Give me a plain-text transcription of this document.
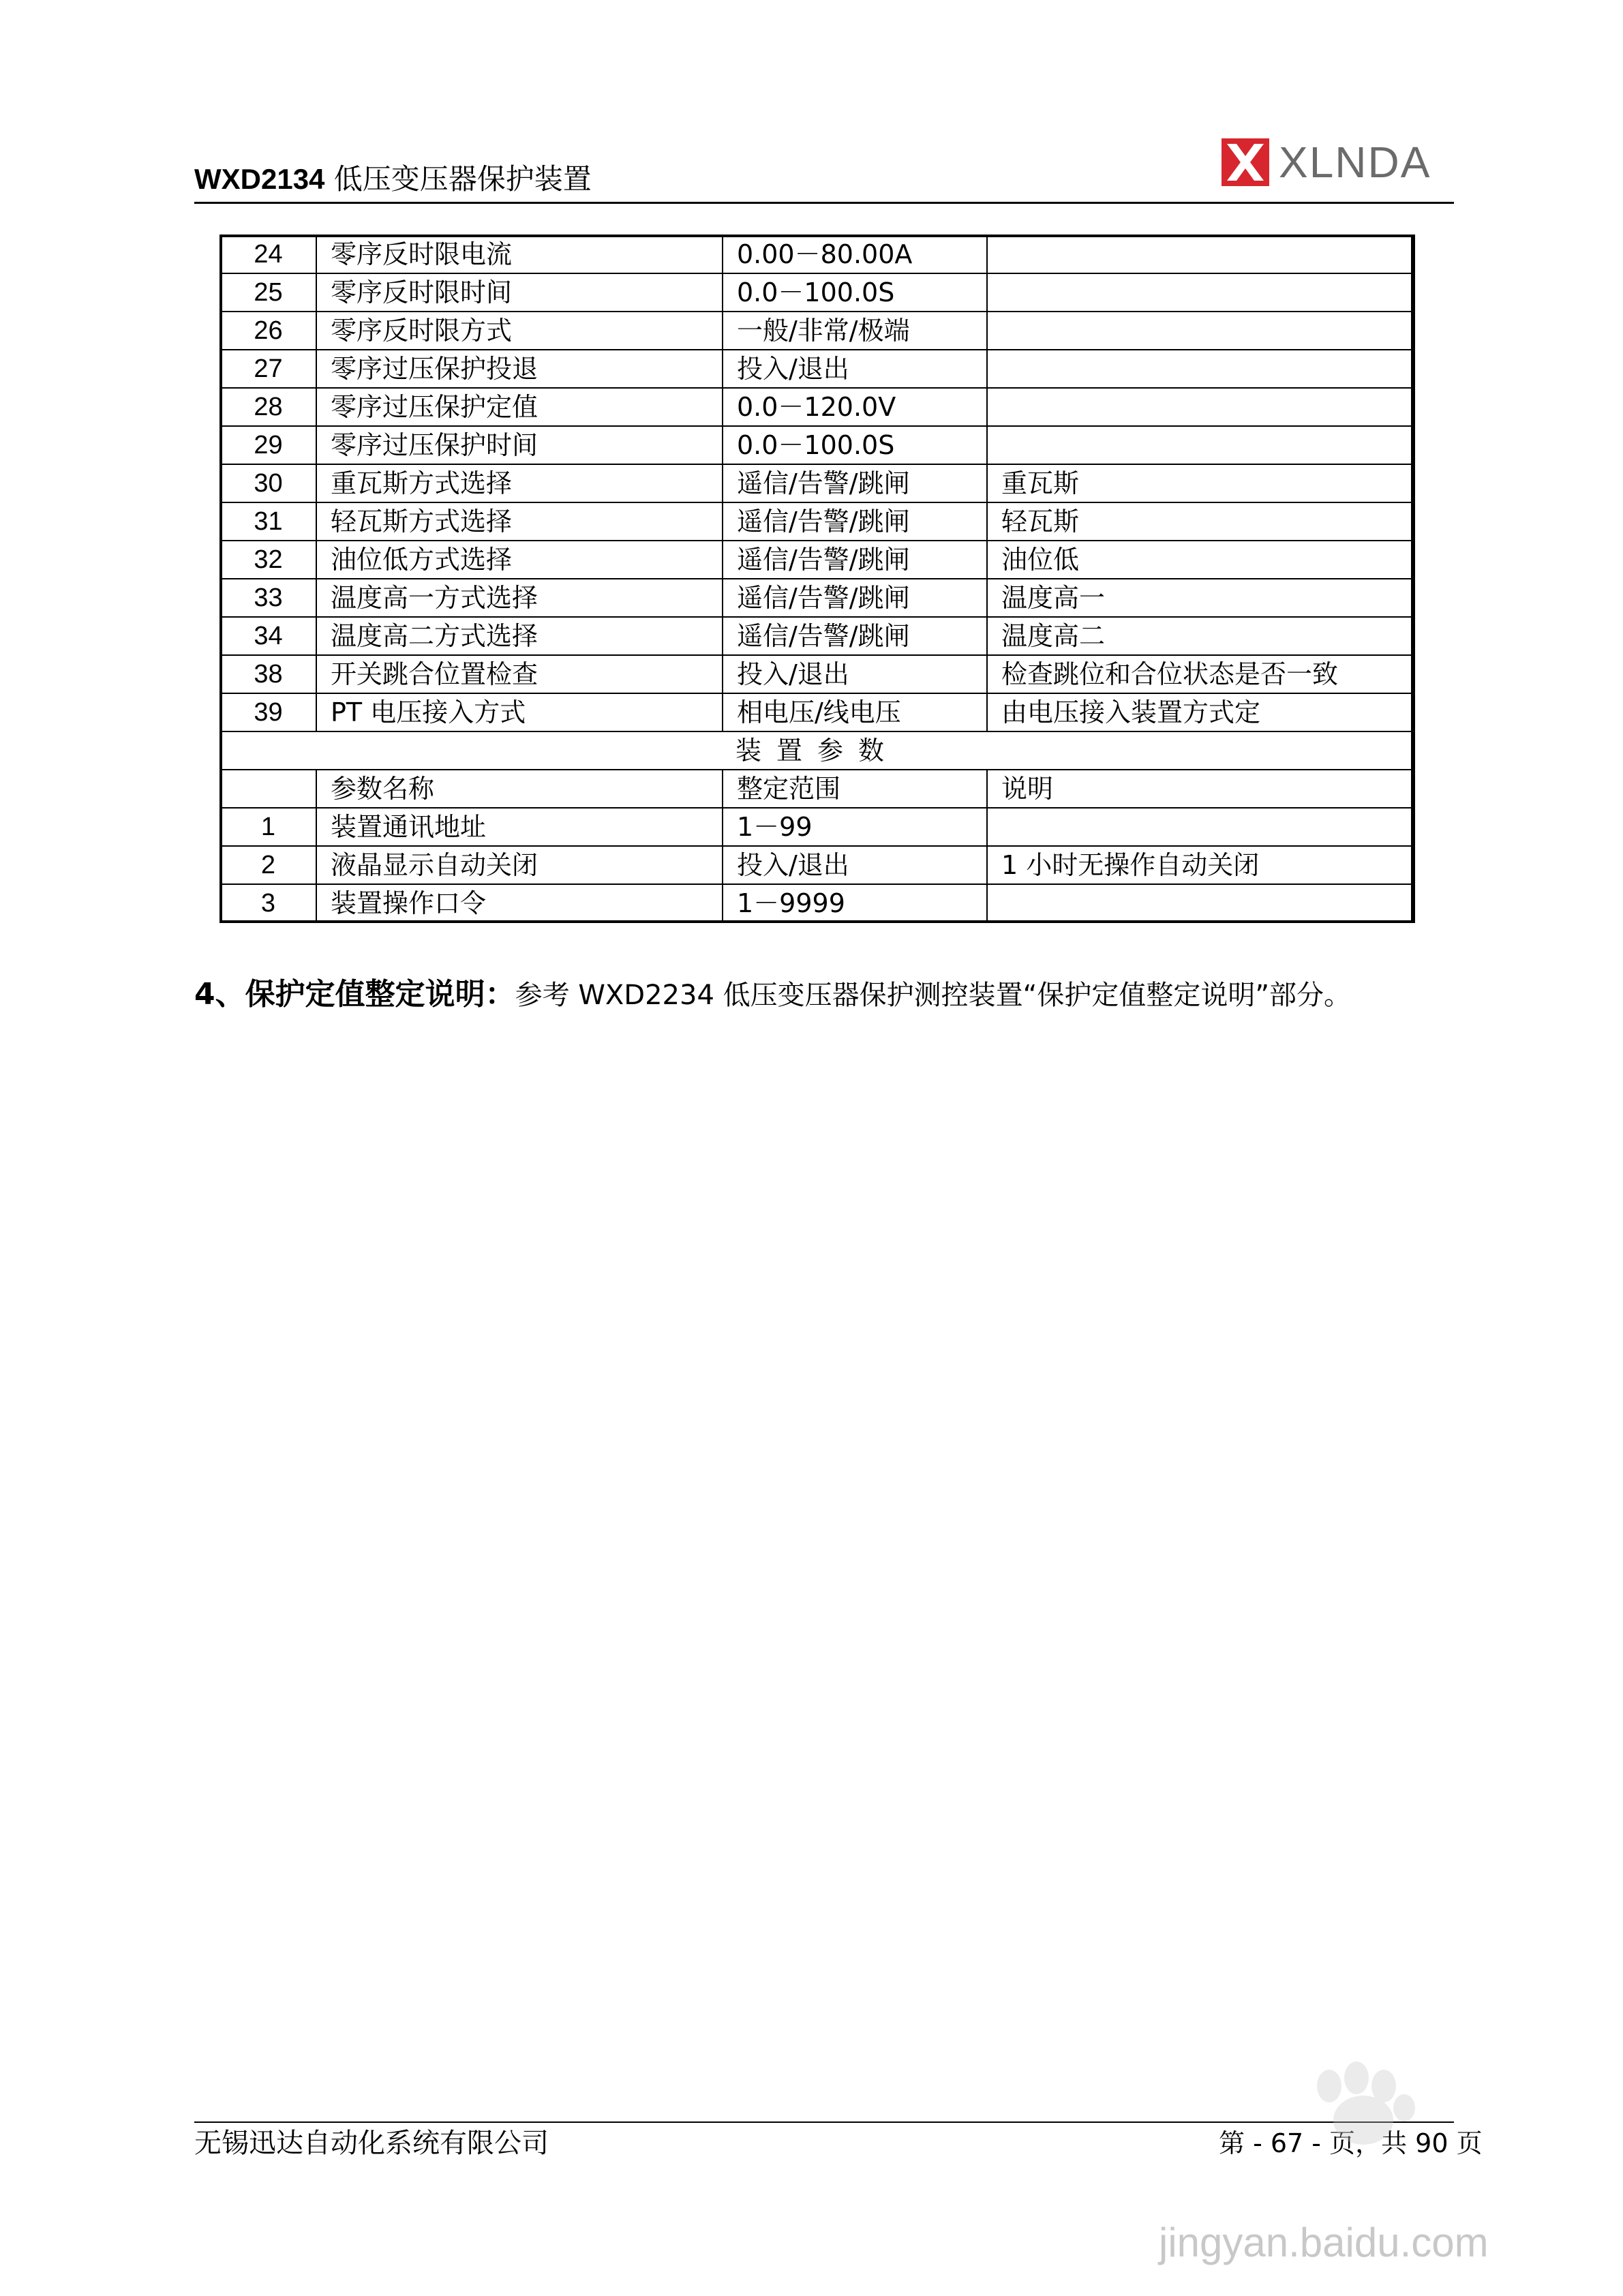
WXD2134 低压变压器保护装置	XLNDA
24	零序反时限电流	0.00－80.00A	
25	零序反时限时间	0.0－100.0S	
26	零序反时限方式	一般/非常/极端	
27	零序过压保护投退	投入/退出	
28	零序过压保护定值	0.0－120.0V	
29	零序过压保护时间	0.0－100.0S	
30	重瓦斯方式选择	遥信/告警/跳闸	重瓦斯
31	轻瓦斯方式选择	遥信/告警/跳闸	轻瓦斯
32	油位低方式选择	遥信/告警/跳闸	油位低
33	温度高一方式选择	遥信/告警/跳闸	温度高一
34	温度高二方式选择	遥信/告警/跳闸	温度高二
38	开关跳合位置检查	投入/退出	检查跳位和合位状态是否一致
39	PT 电压接入方式	相电压/线电压	由电压接入装置方式定
装置参数			
	参数名称	整定范围	说明
1	装置通讯地址	1－99	
2	液晶显示自动关闭	投入/退出	1 小时无操作自动关闭
3	装置操作口令	1－9999	
4、保护定值整定说明：参考 WXD2234 低压变压器保护测控装置“保护定值整定说明”部分。
无锡迅达自动化系统有限公司	第 - 67 - 页，共 90 页
jingyan.baidu.com
